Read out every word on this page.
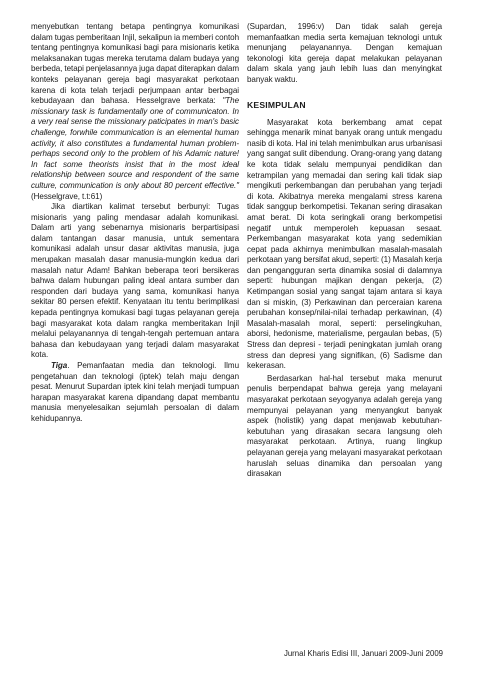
menyebutkan tentang betapa pentingnya komunikasi dalam tugas pemberitaan Injil, sekalipun ia memberi contoh tentang pentingnya komunikasi bagi para misionaris ketika melaksanakan tugas mereka terutama dalam budaya yang berbeda, tetapi penjelasannya juga dapat diterapkan dalam konteks pelayanan gereja bagi masyarakat perkotaan karena di kota telah terjadi perjumpaan antar berbagai kebudayaan dan bahasa. Hesselgrave berkata: "The missionary task is fundamentally one of communicaton. In a very real sense the missionary paticipates in man's basic challenge, forwhile communication is an elemental human activity, it also constitutes a fundamental human problem-perhaps second only to the problem of his Adamic nature! In fact some theorists insist that in the most ideal relationship between source and respondent of the same culture, communication is only about 80 percent effective." (Hesselgrave, t.t:61)

Jika diartikan kalimat tersebut berbunyi: Tugas misionaris yang paling mendasar adalah komunikasi. Dalam arti yang sebenarnya misionaris berpartisipasi dalam tantangan dasar manusia, untuk sementara komunikasi adalah unsur dasar aktivitas manusia, juga merupakan masalah dasar manusia-mungkin kedua dari masalah natur Adam! Bahkan beberapa teori bersikeras bahwa dalam hubungan paling ideal antara sumber dan responden dari budaya yang sama, komunikasi hanya sekitar 80 persen efektif. Kenyataan itu tentu berimplikasi kepada pentingnya komukasi bagi tugas pelayanan gereja bagi masyarakat kota dalam rangka memberitakan Injil melalui pelayanannya di tengah-tengah pertemuan antara bahasa dan kebudayaan yang terjadi dalam masyarakat kota.

Tiga. Pemanfaatan media dan teknologi. Ilmu pengetahuan dan teknologi (iptek) telah maju dengan pesat. Menurut Supardan iptek kini telah menjadi tumpuan harapan masyarakat karena dipandang dapat membantu manusia menyelesaikan sejumlah persoalan di dalam kehidupannya.

(Supardan, 1996:v) Dan tidak salah gereja memanfaatkan media serta kemajuan teknologi untuk menunjang pelayanannya. Dengan kemajuan tekonologi kita gereja dapat melakukan pelayanan dalam skala yang jauh lebih luas dan menyingkat banyak waktu.

KESIMPULAN

Masyarakat kota berkembang amat cepat sehingga menarik minat banyak orang untuk mengadu nasib di kota. Hal ini telah menimbulkan arus urbanisasi yang sangat sulit dibendung. Orang-orang yang datang ke kota tidak selalu mempunyai pendidikan dan ketrampilan yang memadai dan sering kali tidak siap mengikuti perkembangan dan perubahan yang terjadi di kota. Akibatnya mereka mengalami stress karena tidak sanggup berkompetisi. Tekanan sering dirasakan amat berat. Di kota seringkali orang berkompetisi negatif untuk memperoleh kepuasan sesaat. Perkembangan masyarakat kota yang sedemikian cepat pada akhirnya menimbulkan masalah-masalah perkotaan yang bersifat akud, seperti: (1) Masalah kerja dan pengangguran serta dinamika sosial di dalamnya seperti: hubungan majikan dengan pekerja, (2) Ketimpangan sosial yang sangat tajam antara si kaya dan si miskin, (3) Perkawinan dan perceraian karena perubahan konsep/nilai-nilai terhadap perkawinan, (4) Masalah-masalah moral, seperti: perselingkuhan, aborsi, hedonisme, materialisme, pergaulan bebas, (5) Stress dan depresi - terjadi peningkatan jumlah orang stress dan depresi yang signifikan, (6) Sadisme dan kekerasan.

Berdasarkan hal-hal tersebut maka menurut penulis berpendapat bahwa gereja yang melayani masyarakat perkotaan seyogyanya adalah gereja yang mempunyai pelayanan yang menyangkut banyak aspek (holistik) yang dapat menjawab kebutuhan-kebutuhan yang dirasakan secara langsung oleh masyarakat perkotaan. Artinya, ruang lingkup pelayanan gereja yang melayani masyarakat perkotaan haruslah seluas dinamika dan persoalan yang dirasakan

Jurnal Kharis Edisi III, Januari 2009-Juni 2009
